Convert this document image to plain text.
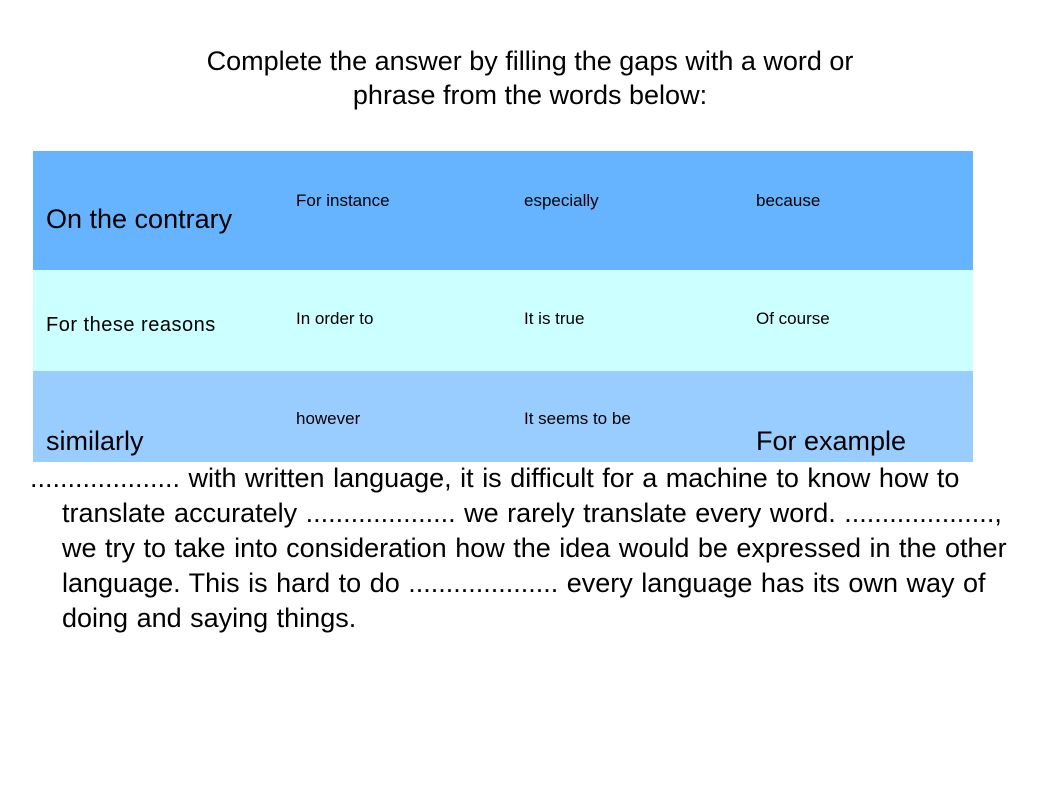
Complete the answer by filling the gaps with a word or
phrase from the words below:
On the contrary	For instance	especially	because

For these reasons	In order to	It is true	Of course

similarly	however	It seems to be	For example
.................... with written language, it is difficult for a machine to know how to translate accurately .................... we rarely translate every word. ...................., we try to take into consideration how the idea would be expressed in the other language. This is hard to do .................... every language has its own way of doing and saying things.
